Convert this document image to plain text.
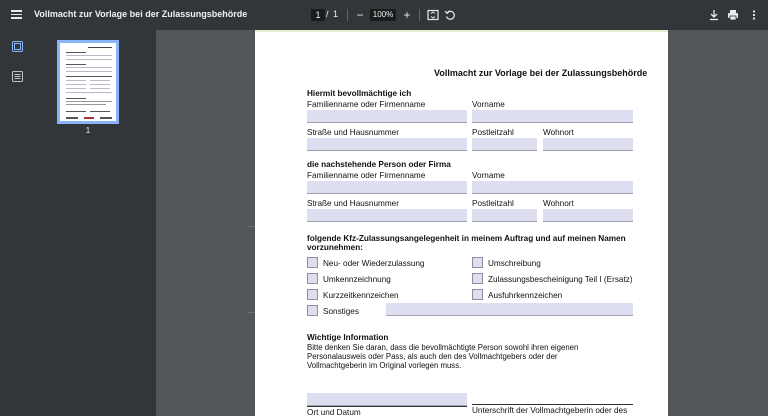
Vollmacht zur Vorlage bei der Zulassungsbehörde	1 / 1 −	100% +
1
Vollmacht zur Vorlage bei der Zulassungsbehörde
Hiermit bevollmächtige ich
Familienname oder Firmenname	Vorname
Straße und Hausnummer	Postleitzahl	Wohnort
die nachstehende Person oder Firma
Familienname oder Firmenname	Vorname
Straße und Hausnummer	Postleitzahl	Wohnort
folgende Kfz-Zulassungsangelegenheit in meinem Auftrag und auf meinen Namen
vorzunehmen:
Neu- oder Wiederzulassung	Umschreibung
Umkennzeichnung	Zulassungsbescheinigung Teil I (Ersatz)
Kurzzeitkennzeichen	Ausfuhrkennzeichen
Sonstiges
Wichtige Information
Bitte denken Sie daran, dass die bevollmächtigte Person sowohl ihren eigenen
Personalausweis oder Pass, als auch den des Vollmachtgebers oder der
Vollmachtgeberin im Original vorlegen muss.
Ort und Datum	Unterschrift der Vollmachtgeberin oder des
